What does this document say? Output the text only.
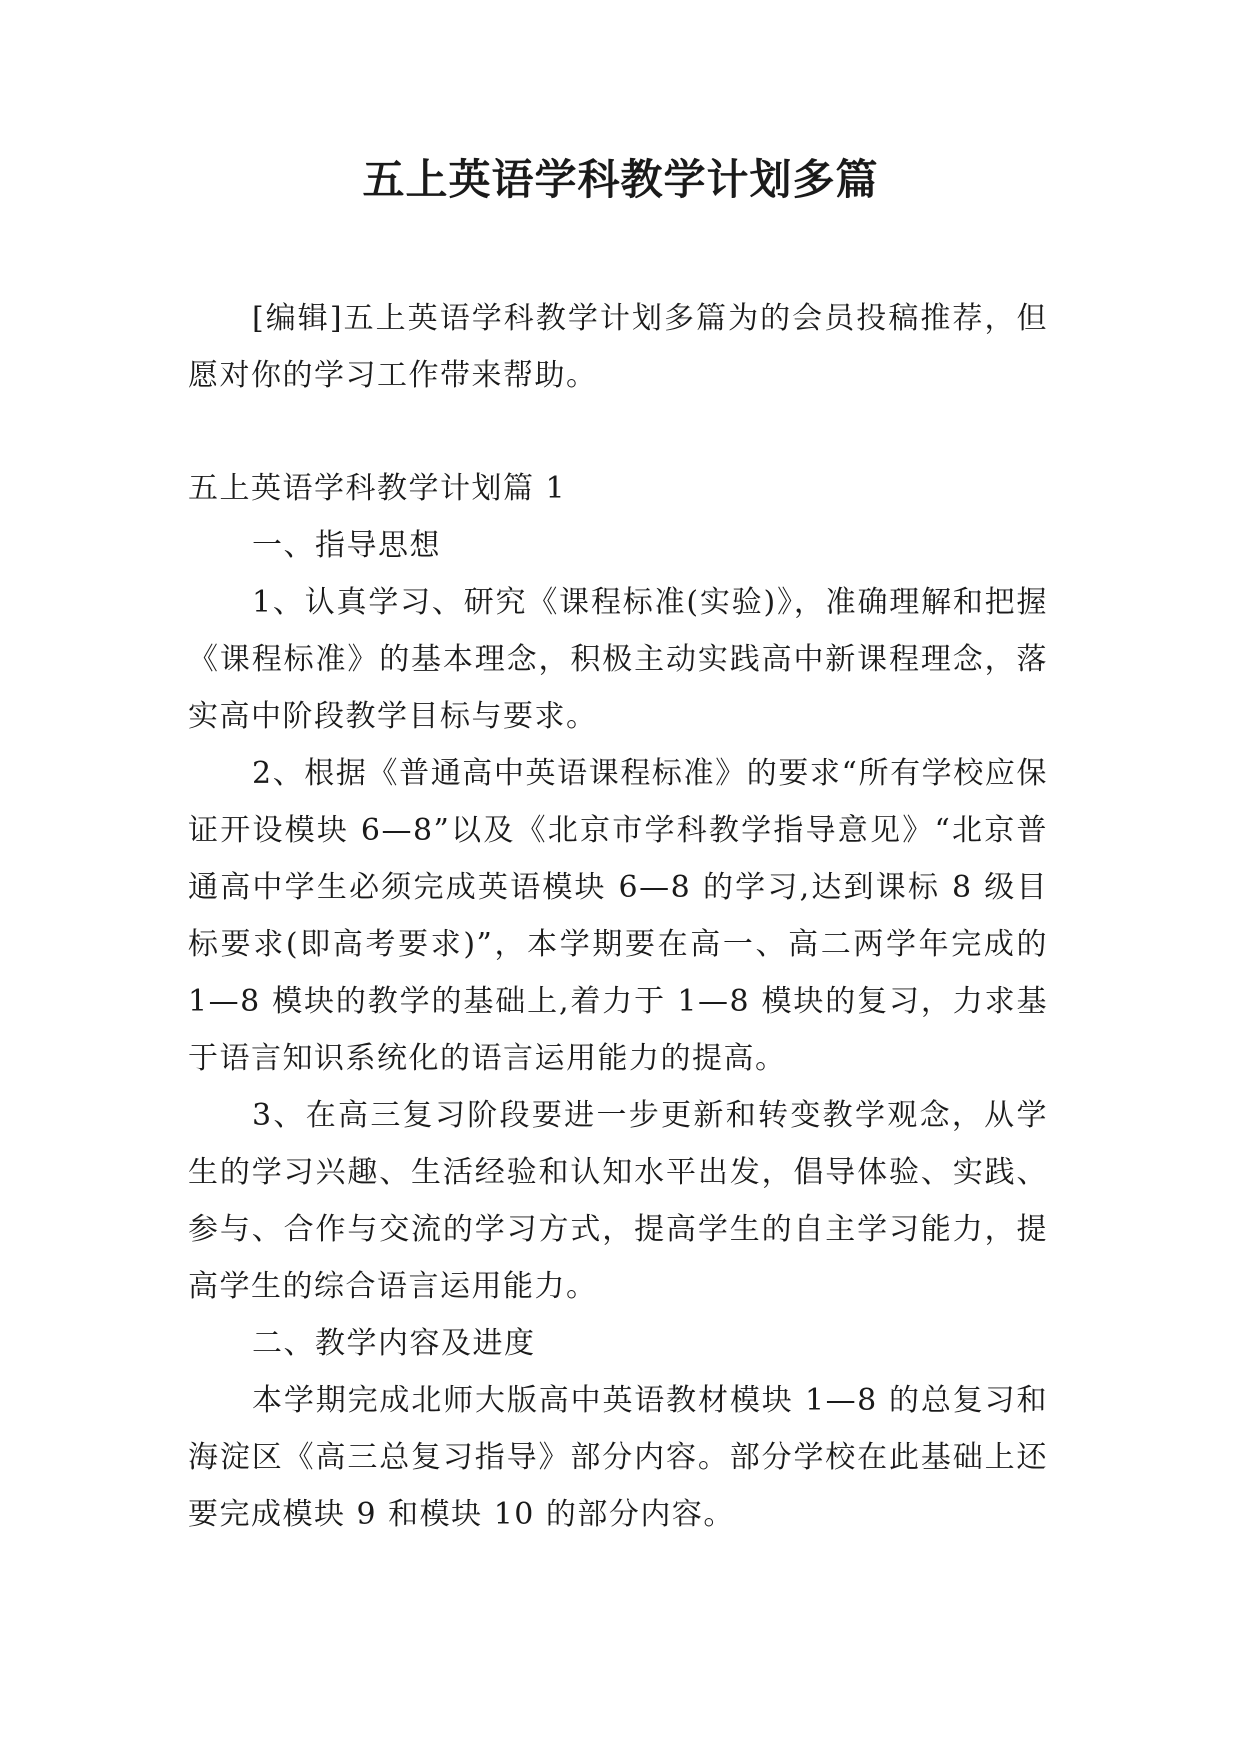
五上英语学科教学计划多篇

[编辑]五上英语学科教学计划多篇为的会员投稿推荐，但愿对你的学习工作带来帮助。

五上英语学科教学计划篇 1

一、指导思想

1、认真学习、研究《课程标准(实验)》，准确理解和把握《课程标准》的基本理念，积极主动实践高中新课程理念，落实高中阶段教学目标与要求。

2、根据《普通高中英语课程标准》的要求“所有学校应保证开设模块 6—8”以及《北京市学科教学指导意见》“北京普通高中学生必须完成英语模块 6—8 的学习,达到课标 8 级目标要求(即高考要求)”，本学期要在高一、高二两学年完成的 1—8 模块的教学的基础上,着力于 1—8 模块的复习，力求基于语言知识系统化的语言运用能力的提高。

3、在高三复习阶段要进一步更新和转变教学观念，从学生的学习兴趣、生活经验和认知水平出发，倡导体验、实践、参与、合作与交流的学习方式，提高学生的自主学习能力，提高学生的综合语言运用能力。

二、教学内容及进度

本学期完成北师大版高中英语教材模块 1—8 的总复习和海淀区《高三总复习指导》部分内容。部分学校在此基础上还要完成模块 9 和模块 10 的部分内容。
